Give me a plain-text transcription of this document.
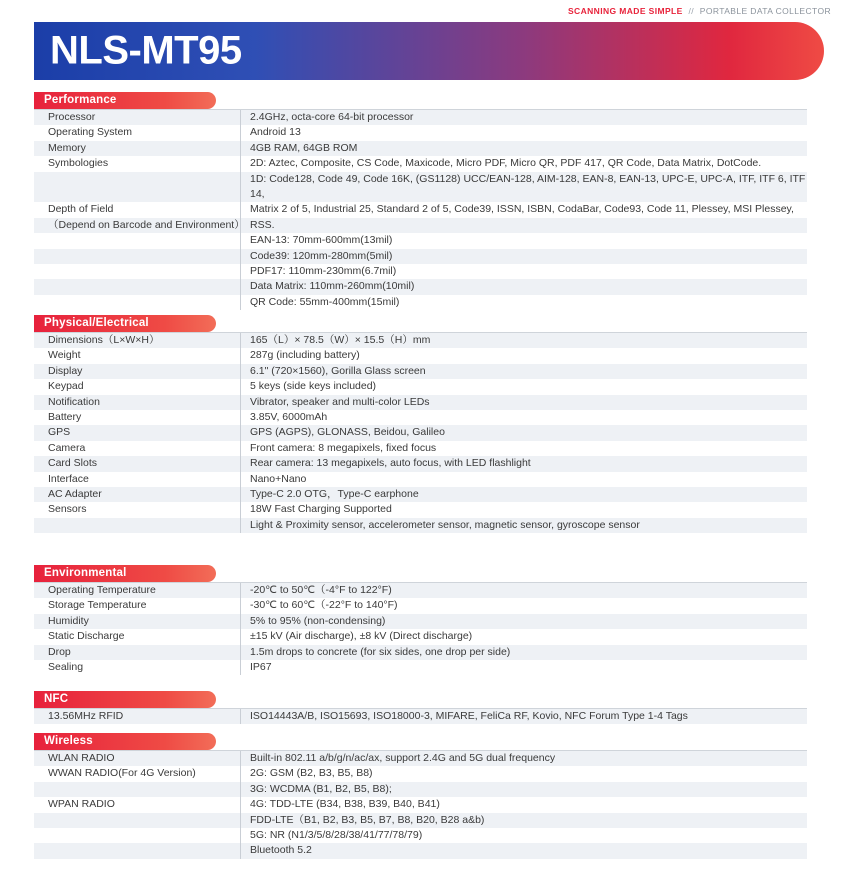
SCANNING MADE SIMPLE // PORTABLE DATA COLLECTOR
NLS-MT95
Performance
Processor	2.4GHz, octa-core 64-bit processor
Operating System	Android 13
Memory	4GB RAM, 64GB ROM
Symbologies	2D: Aztec, Composite, CS Code, Maxicode, Micro PDF, Micro QR, PDF 417, QR Code, Data Matrix, DotCode.
1D: Code128, Code 49, Code 16K, (GS1128) UCC/EAN-128, AIM-128, EAN-8, EAN-13, UPC-E, UPC-A, ITF, ITF 6, ITF 14,
Depth of Field	Matrix 2 of 5, Industrial 25, Standard 2 of 5, Code39, ISSN, ISBN, CodaBar, Code93, Code 11, Plessey, MSI Plessey,
（Depend on Barcode and Environment） RSS.
EAN-13: 70mm-600mm(13mil)
Code39: 120mm-280mm(5mil)
PDF17: 110mm-230mm(6.7mil)
Data Matrix: 110mm-260mm(10mil)
QR Code: 55mm-400mm(15mil)
Physical/Electrical
Dimensions（L×W×H）	165（L）× 78.5（W）× 15.5（H）mm
Weight	287g (including battery)
Display	6.1" (720×1560), Gorilla Glass screen
Keypad	5 keys (side keys included)
Notification	Vibrator, speaker and multi-color LEDs
Battery	3.85V, 6000mAh
GPS	GPS (AGPS), GLONASS, Beidou, Galileo
Camera	Front camera: 8 megapixels, fixed focus
Card Slots	Rear camera: 13 megapixels, auto focus, with LED flashlight
Interface	Nano+Nano
AC Adapter	Type-C 2.0 OTG，Type-C earphone
Sensors	18W Fast Charging Supported
Light & Proximity sensor, accelerometer sensor, magnetic sensor, gyroscope sensor
Environmental
Operating Temperature	-20℃ to 50℃（-4°F to 122°F)
Storage Temperature	-30℃ to 60℃（-22°F to 140°F)
Humidity	5% to 95% (non-condensing)
Static Discharge	±15 kV (Air discharge), ±8 kV (Direct discharge)
Drop	1.5m drops to concrete (for six sides, one drop per side)
Sealing	IP67
NFC
13.56MHz RFID	ISO14443A/B, ISO15693, ISO18000-3, MIFARE, FeliCa RF, Kovio, NFC Forum Type 1-4 Tags
Wireless
WLAN RADIO	Built-in 802.11 a/b/g/n/ac/ax, support 2.4G and 5G dual frequency
WWAN RADIO(For 4G Version)	2G: GSM (B2, B3, B5, B8)
3G: WCDMA (B1, B2, B5, B8);
WPAN RADIO	4G: TDD-LTE (B34, B38, B39, B40, B41)
FDD-LTE（B1, B2, B3, B5, B7, B8, B20, B28 a&b)
5G: NR (N1/3/5/8/28/38/41/77/78/79)
Bluetooth 5.2
